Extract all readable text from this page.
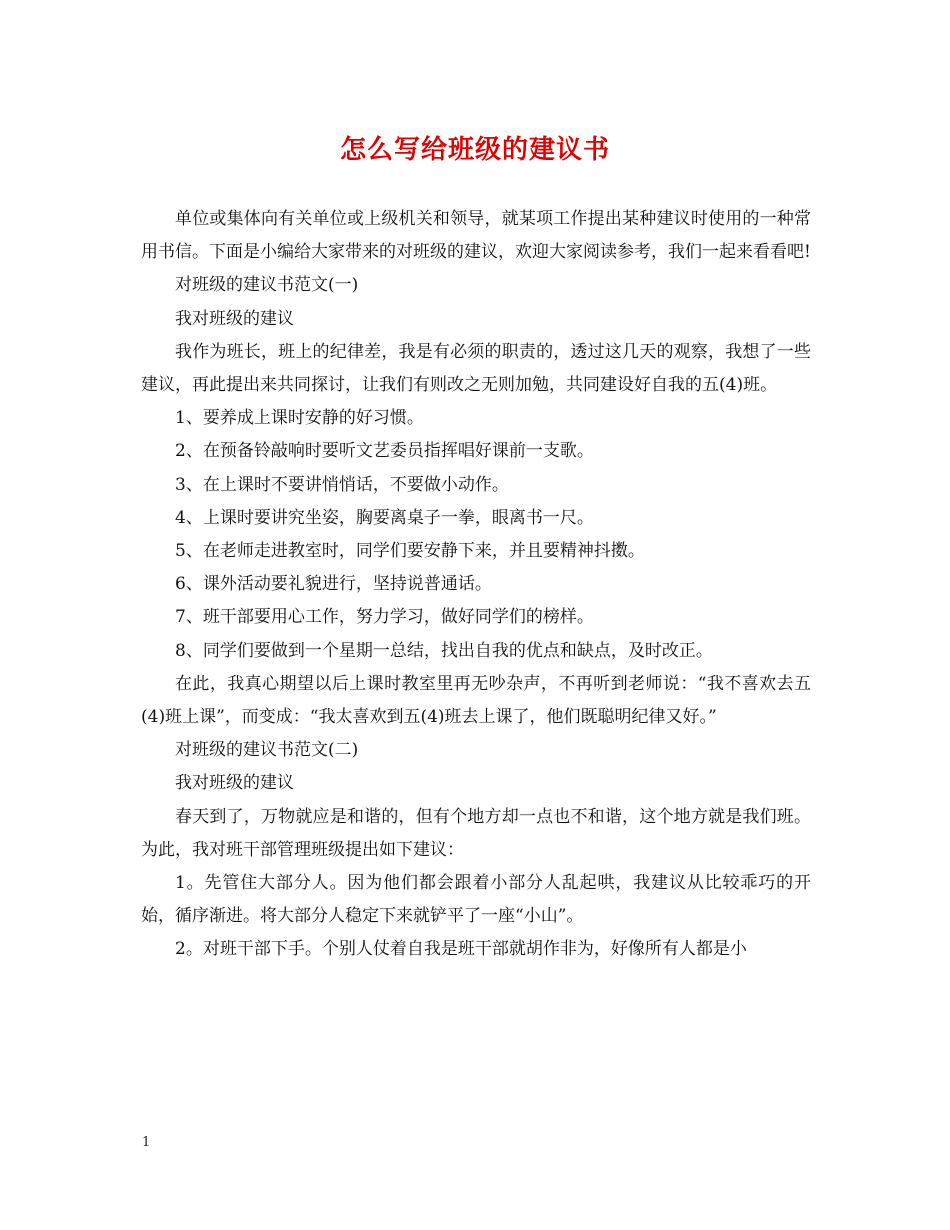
怎么写给班级的建议书

单位或集体向有关单位或上级机关和领导，就某项工作提出某种建议时使用的一种常用书信。下面是小编给大家带来的对班级的建议，欢迎大家阅读参考，我们一起来看看吧!

对班级的建议书范文(一)

我对班级的建议

我作为班长，班上的纪律差，我是有必须的职责的，透过这几天的观察，我想了一些建议，再此提出来共同探讨，让我们有则改之无则加勉，共同建设好自我的五(4)班。

1、要养成上课时安静的好习惯。

2、在预备铃敲响时要听文艺委员指挥唱好课前一支歌。

3、在上课时不要讲悄悄话，不要做小动作。

4、上课时要讲究坐姿，胸要离桌子一拳，眼离书一尺。

5、在老师走进教室时，同学们要安静下来，并且要精神抖擞。

6、课外活动要礼貌进行，坚持说普通话。

7、班干部要用心工作，努力学习，做好同学们的榜样。

8、同学们要做到一个星期一总结，找出自我的优点和缺点，及时改正。

在此，我真心期望以后上课时教室里再无吵杂声，不再听到老师说：“我不喜欢去五(4)班上课”，而变成：“我太喜欢到五(4)班去上课了，他们既聪明纪律又好。”

对班级的建议书范文(二)

我对班级的建议

春天到了，万物就应是和谐的，但有个地方却一点也不和谐，这个地方就是我们班。为此，我对班干部管理班级提出如下建议：

1。先管住大部分人。因为他们都会跟着小部分人乱起哄，我建议从比较乖巧的开始，循序渐进。将大部分人稳定下来就铲平了一座“小山”。

2。对班干部下手。个别人仗着自我是班干部就胡作非为，好像所有人都是小

1
